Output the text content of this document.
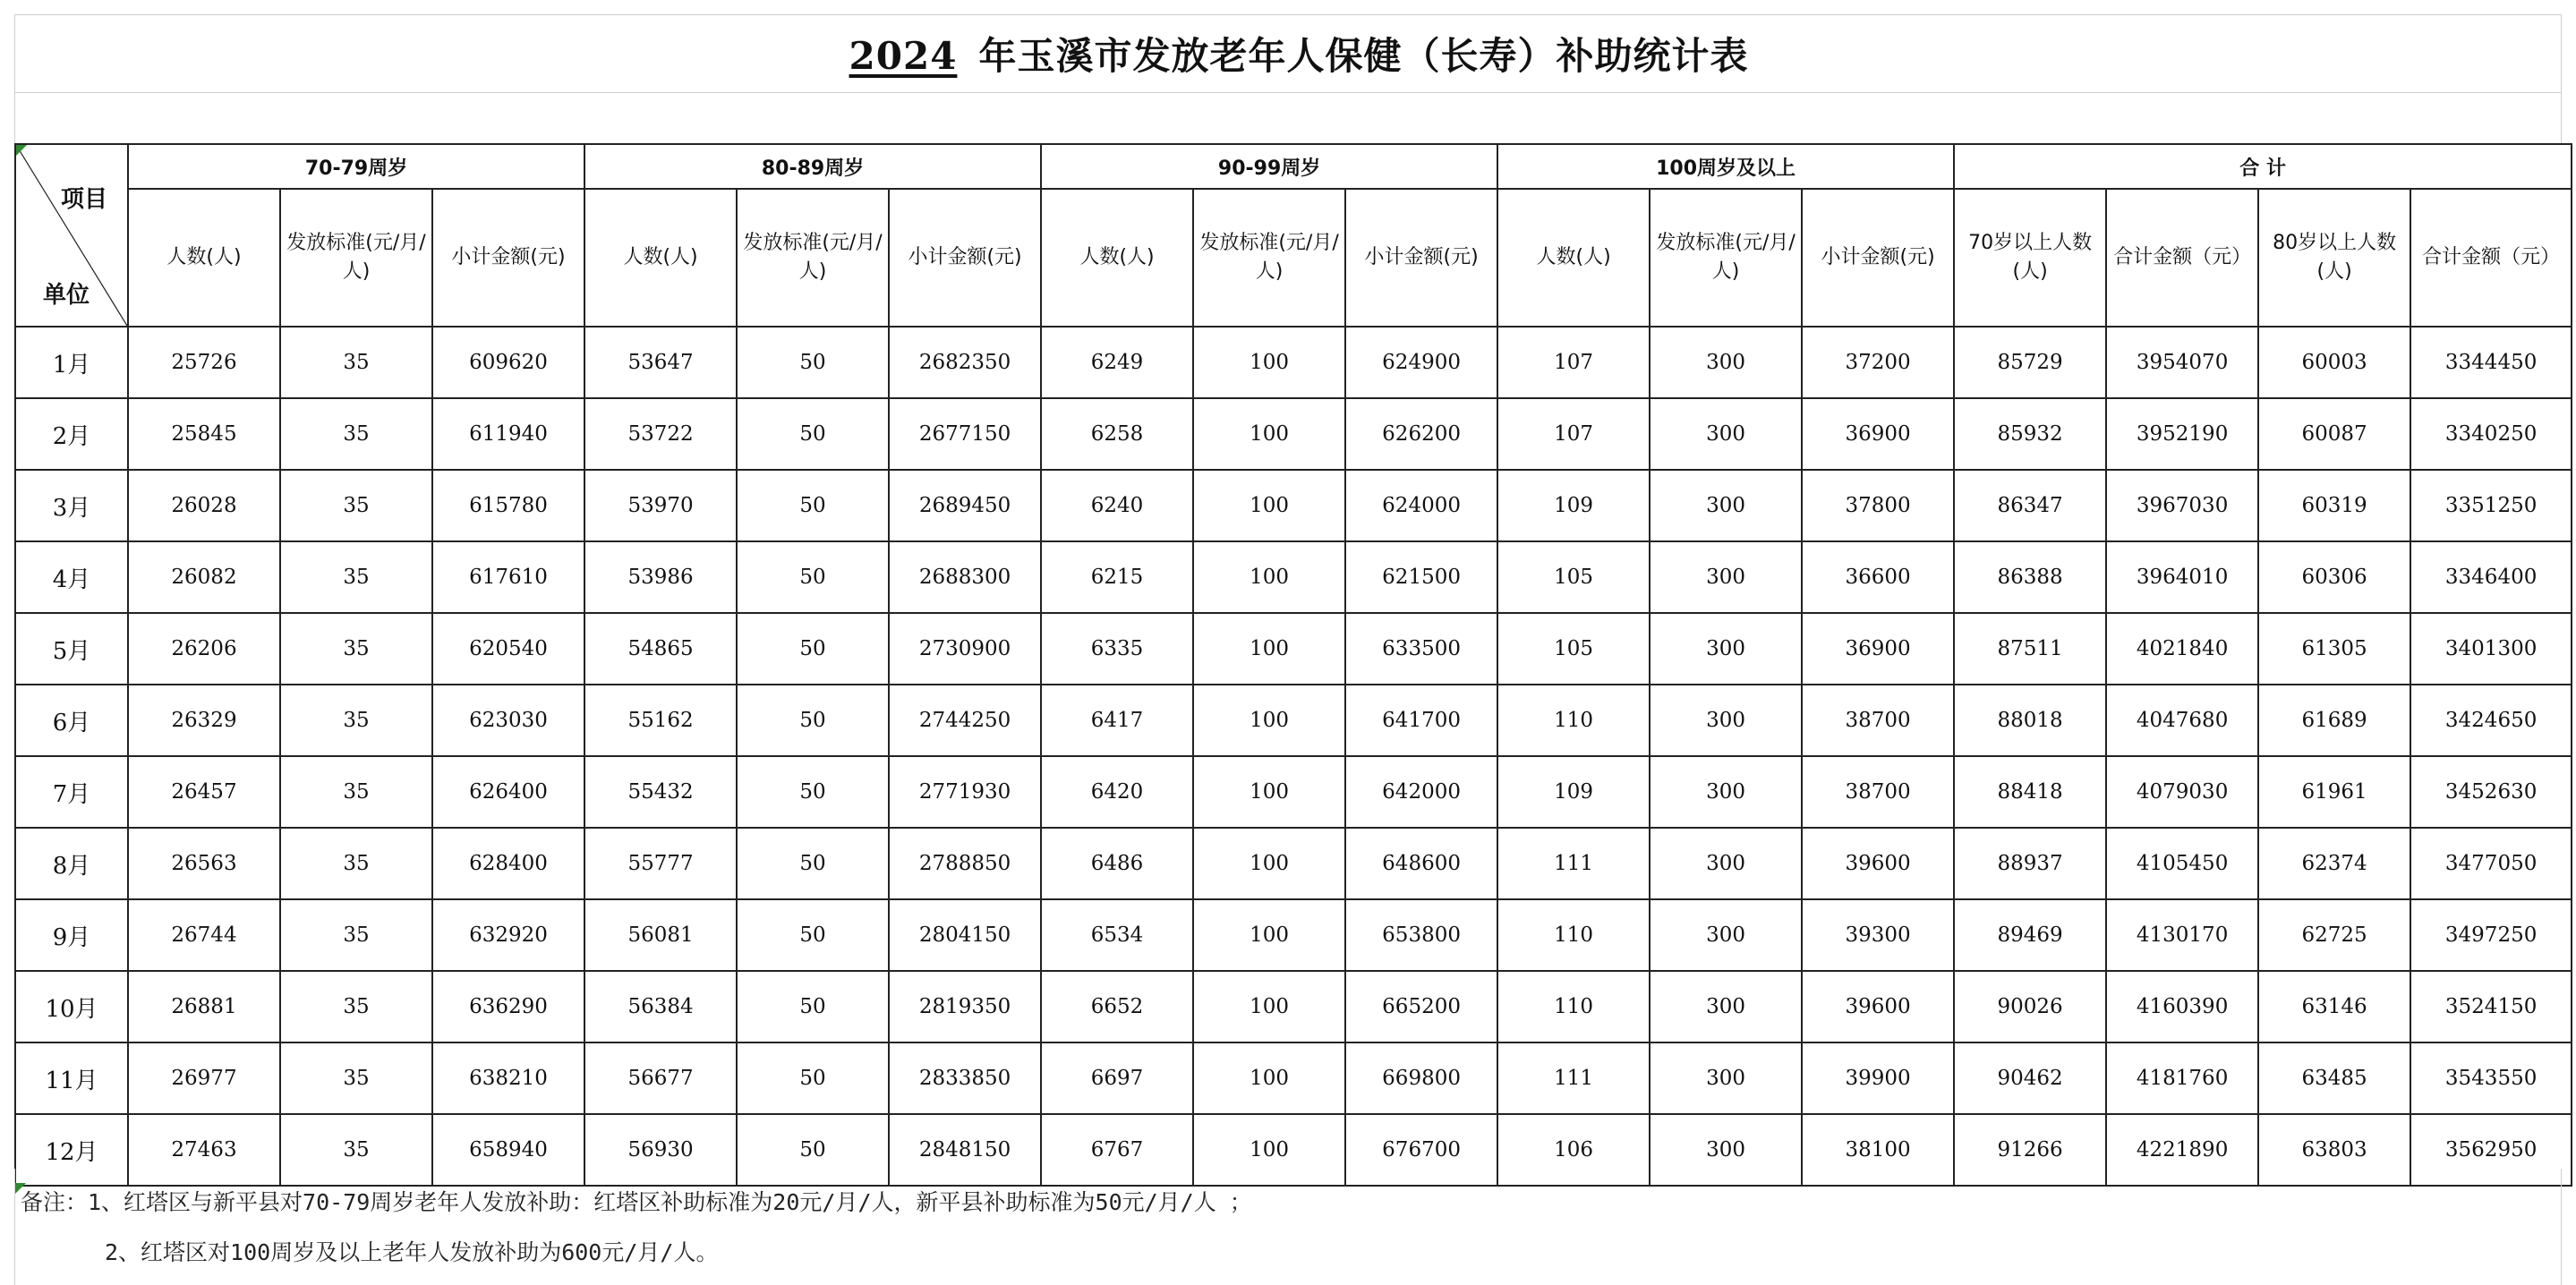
2024 年玉溪市发放老年人保健（长寿）补助统计表
项目
单位	70-79周岁			80-89周岁			90-99周岁			100周岁及以上			合 计			
	人数(人)	发放标准(元/月/人)	小计金额(元)	人数(人)	发放标准(元/月/人)	小计金额(元)	人数(人)	发放标准(元/月/人)	小计金额(元)	人数(人)	发放标准(元/月/人)	小计金额(元)	70岁以上人数(人)	合计金额（元）	80岁以上人数(人)	合计金额（元）
1月	25726	35	609620	53647	50	2682350	6249	100	624900	107	300	37200	85729	3954070	60003	3344450
2月	25845	35	611940	53722	50	2677150	6258	100	626200	107	300	36900	85932	3952190	60087	3340250
3月	26028	35	615780	53970	50	2689450	6240	100	624000	109	300	37800	86347	3967030	60319	3351250
4月	26082	35	617610	53986	50	2688300	6215	100	621500	105	300	36600	86388	3964010	60306	3346400
5月	26206	35	620540	54865	50	2730900	6335	100	633500	105	300	36900	87511	4021840	61305	3401300
6月	26329	35	623030	55162	50	2744250	6417	100	641700	110	300	38700	88018	4047680	61689	3424650
7月	26457	35	626400	55432	50	2771930	6420	100	642000	109	300	38700	88418	4079030	61961	3452630
8月	26563	35	628400	55777	50	2788850	6486	100	648600	111	300	39600	88937	4105450	62374	3477050
9月	26744	35	632920	56081	50	2804150	6534	100	653800	110	300	39300	89469	4130170	62725	3497250
10月	26881	35	636290	56384	50	2819350	6652	100	665200	110	300	39600	90026	4160390	63146	3524150
11月	26977	35	638210	56677	50	2833850	6697	100	669800	111	300	39900	90462	4181760	63485	3543550
12月	27463	35	658940	56930	50	2848150	6767	100	676700	106	300	38100	91266	4221890	63803	3562950
备注：1、红塔区与新平县对70-79周岁老年人发放补助：红塔区补助标准为20元/月/人，新平县补助标准为50元/月/人 ；
2、红塔区对100周岁及以上老年人发放补助为600元/月/人。
